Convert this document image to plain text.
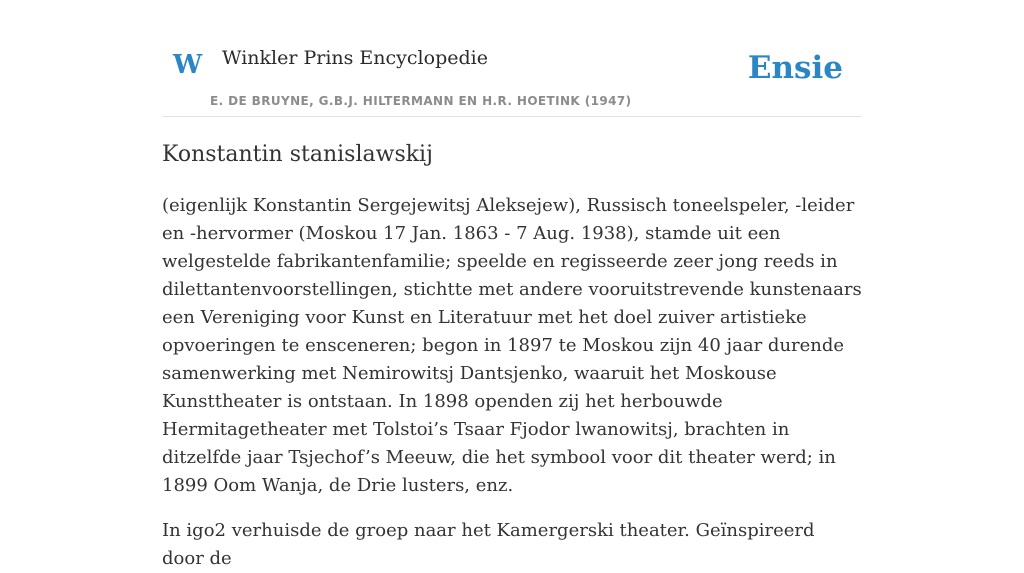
W Winkler Prins Encyclopedie
E. DE BRUYNE, G.B.J. HILTERMANN EN H.R. HOETINK (1947)
Ensie
Konstantin stanislawskij

(eigenlijk Konstantin Sergejewitsj Aleksejew), Russisch toneelspeler, -leider en -hervormer (Moskou 17 Jan. 1863 - 7 Aug. 1938), stamde uit een welgestelde fabrikantenfamilie; speelde en regisseerde zeer jong reeds in dilettantenvoorstellingen, stichtte met andere vooruitstrevende kunstenaars een Vereniging voor Kunst en Literatuur met het doel zuiver artistieke opvoeringen te ensceneren; begon in 1897 te Moskou zijn 40 jaar durende samenwerking met Nemirowitsj Dantsjenko, waaruit het Moskouse Kunsttheater is ontstaan. In 1898 openden zij het herbouwde Hermitagetheater met Tolstoi’s Tsaar Fjodor lwanowitsj, brachten in ditzelfde jaar Tsjechof’s Meeuw, die het symbool voor dit theater werd; in 1899 Oom Wanja, de Drie lusters, enz.

In igo2 verhuisde de groep naar het Kamergerski theater. Geïnspireerd door de
